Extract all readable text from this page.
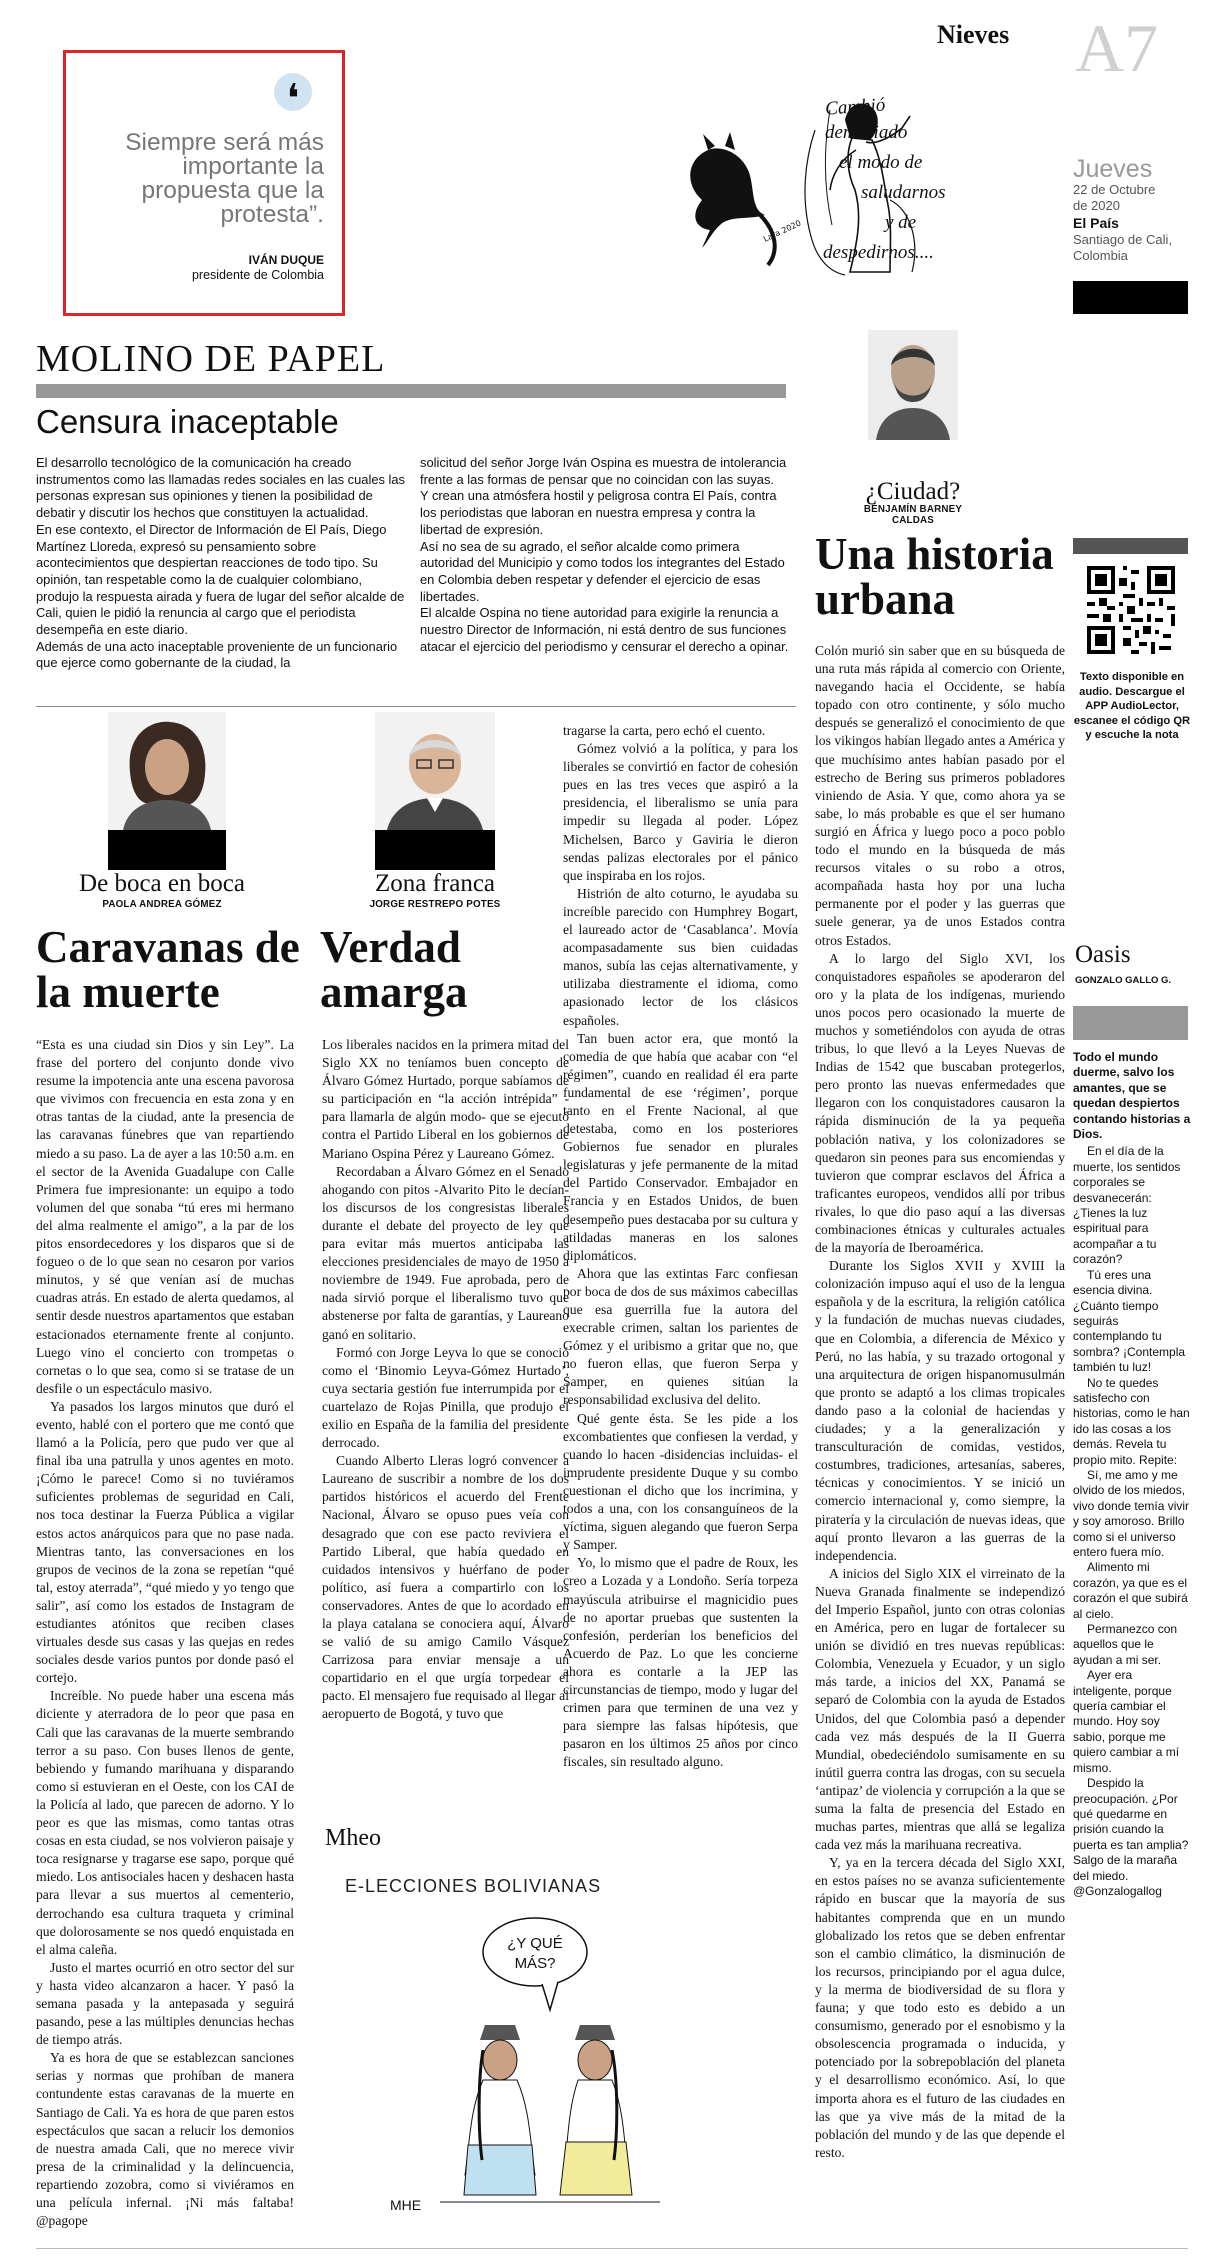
❛
Siempre será más importante la propuesta que la protesta”.
IVÁN DUQUE
presidente de Colombia
Lara 2020
Cambió
demasiado
el modo de
saludarnos
y de
despedirnos....
Nieves A7
Jueves
22 de Octubre
de 2020
El País
Santiago de Cali,
Colombia
MOLINO DE PAPEL
Censura inaceptable

El desarrollo tecnológico de la comunicación ha creado instrumentos como las llamadas redes sociales en las cuales las personas expresan sus opiniones y tienen la posibilidad de debatir y discutir los hechos que constituyen la actualidad.

En ese contexto, el Director de Información de El País, Diego Martínez Lloreda, expresó su pensamiento sobre acontecimientos que despiertan reacciones de todo tipo. Su opinión, tan respetable como la de cualquier colombiano, produjo la respuesta airada y fuera de lugar del señor alcalde de Cali, quien le pidió la renuncia al cargo que el periodista desempeña en este diario.

Además de una acto inaceptable proveniente de un funcionario que ejerce como gobernante de la ciudad, la

solicitud del señor Jorge Iván Ospina es muestra de intolerancia frente a las formas de pensar que no coincidan con las suyas.

Y crean una atmósfera hostil y peligrosa contra El País, contra los periodistas que laboran en nuestra empresa y contra la libertad de expresión.

Así no sea de su agrado, el señor alcalde como primera autoridad del Municipio y como todos los integrantes del Estado en Colombia deben respetar y defender el ejercicio de esas libertades.

El alcalde Ospina no tiene autoridad para exigirle la renuncia a nuestro Director de Información, ni está dentro de sus funciones atacar el ejercicio del periodismo y censurar el derecho a opinar.

¿Ciudad?
BENJAMÍN BARNEY CALDAS
Una historia
urbana

Colón murió sin saber que en su búsqueda de una ruta más rápida al comercio con Oriente, navegando hacia el Occidente, se había topado con otro continente, y sólo mucho después se generalizó el conocimiento de que los vikingos habían llegado antes a América y que muchísimo antes habían pasado por el estrecho de Bering sus primeros pobladores viniendo de Asia. Y que, como ahora ya se sabe, lo más probable es que el ser humano surgió en África y luego poco a poco poblo todo el mundo en la búsqueda de más recursos vitales o su robo a otros, acompañada hasta hoy por una lucha permanente por el poder y las guerras que suele generar, ya de unos Estados contra otros Estados.

A lo largo del Siglo XVI, los conquistadores españoles se apoderaron del oro y la plata de los indígenas, muriendo unos pocos pero ocasionado la muerte de muchos y sometiéndolos con ayuda de otras tribus, lo que llevó a la Leyes Nuevas de Indias de 1542 que buscaban protegerlos, pero pronto las nuevas enfermedades que llegaron con los conquistadores causaron la rápida disminución de la ya pequeña población nativa, y los colonizadores se quedaron sin peones para sus encomiendas y tuvieron que comprar esclavos del África a traficantes europeos, vendidos allí por tribus rivales, lo que dio paso aquí a las diversas combinaciones étnicas y culturales actuales de la mayoría de Iberoamérica.

Durante los Siglos XVII y XVIII la colonización impuso aquí el uso de la lengua española y de la escritura, la religión católica y la fundación de muchas nuevas ciudades, que en Colombia, a diferencia de México y Perú, no las había, y su trazado ortogonal y una arquitectura de origen hispanomusulmán que pronto se adaptó a los climas tropicales dando paso a la colonial de haciendas y ciudades; y a la generalización y transculturación de comidas, vestidos, costumbres, tradiciones, artesanías, saberes, técnicas y conocimientos. Y se inició un comercio internacional y, como siempre, la piratería y la circulación de nuevas ideas, que aquí pronto llevaron a las guerras de la independencia.

A inicios del Siglo XIX el virreinato de la Nueva Granada finalmente se independizó del Imperio Español, junto con otras colonias en América, pero en lugar de fortalecer su unión se dividió en tres nuevas repúblicas: Colombia, Venezuela y Ecuador, y un siglo más tarde, a inicios del XX, Panamá se separó de Colombia con la ayuda de Estados Unidos, del que Colombia pasó a depender cada vez más después de la II Guerra Mundial, obedeciéndolo sumisamente en su inútil guerra contra las drogas, con su secuela ‘antipaz’ de violencia y corrupción a la que se suma la falta de presencia del Estado en muchas partes, mientras que allá se legaliza cada vez más la marihuana recreativa.

Y, ya en la tercera década del Siglo XXI, en estos países no se avanza suficientemente rápido en buscar que la mayoría de sus habitantes comprenda que en un mundo globalizado los retos que se deben enfrentar son el cambio climático, la disminución de los recursos, principiando por el agua dulce, y la merma de biodiversidad de su flora y fauna; y que todo esto es debido a un consumismo, generado por el esnobismo y la obsolescencia programada o inducida, y potenciado por la sobrepoblación del planeta y el desarrollismo económico. Así, lo que importa ahora es el futuro de las ciudades en las que ya vive más de la mitad de la población del mundo y de las que depende el resto.

Texto disponible en audio. Descargue el APP AudioLector, escanee el código QR y escuche la nota
Oasis
GONZALO GALLO G.

Todo el mundo duerme, salvo los amantes, que se quedan despiertos contando historias a Dios.

En el día de la muerte, los sentidos corporales se desvanecerán: ¿Tienes la luz espiritual para acompañar a tu corazón?

Tú eres una esencia divina. ¿Cuánto tiempo seguirás contemplando tu sombra? ¡Contempla también tu luz!

No te quedes satisfecho con historias, como le han ido las cosas a los demás. Revela tu propio mito. Repite:

Sí, me amo y me olvido de los miedos, vivo donde temía vivir y soy amoroso. Brillo como si el universo entero fuera mío.

Alimento mi corazón, ya que es el corazón el que subirá al cielo.

Permanezco con aquellos que le ayudan a mi ser.

Ayer era inteligente, porque quería cambiar el mundo. Hoy soy sabio, porque me quiero cambiar a mí mismo.

Despido la preocupación. ¿Por qué quedarme en prisión cuando la puerta es tan amplia? Salgo de la maraña del miedo. @Gonzalogallog

De boca en boca
PAOLA ANDREA GÓMEZ
Caravanas de
la muerte

“Esta es una ciudad sin Dios y sin Ley”. La frase del portero del conjunto donde vivo resume la impotencia ante una escena pavorosa que vivimos con frecuencia en esta zona y en otras tantas de la ciudad, ante la presencia de las caravanas fúnebres que van repartiendo miedo a su paso. La de ayer a las 10:50 a.m. en el sector de la Avenida Guadalupe con Calle Primera fue impresionante: un equipo a todo volumen del que sonaba “tú eres mi hermano del alma realmente el amigo”, a la par de los pitos ensordecedores y los disparos que si de fogueo o de lo que sean no cesaron por varios minutos, y sé que venían así de muchas cuadras atrás. En estado de alerta quedamos, al sentir desde nuestros apartamentos que estaban estacionados eternamente frente al conjunto. Luego vino el concierto con trompetas o cornetas o lo que sea, como si se tratase de un desfile o un espectáculo masivo.

Ya pasados los largos minutos que duró el evento, hablé con el portero que me contó que llamó a la Policía, pero que pudo ver que al final iba una patrulla y unos agentes en moto. ¡Cómo le parece! Como si no tuviéramos suficientes problemas de seguridad en Cali, nos toca destinar la Fuerza Pública a vigilar estos actos anárquicos para que no pase nada. Mientras tanto, las conversaciones en los grupos de vecinos de la zona se repetían “qué tal, estoy aterrada”, “qué miedo y yo tengo que salir”, así como los estados de Instagram de estudiantes atónitos que reciben clases virtuales desde sus casas y las quejas en redes sociales desde varios puntos por donde pasó el cortejo.

Increíble. No puede haber una escena más diciente y aterradora de lo peor que pasa en Cali que las caravanas de la muerte sembrando terror a su paso. Con buses llenos de gente, bebiendo y fumando marihuana y disparando como si estuvieran en el Oeste, con los CAI de la Policía al lado, que parecen de adorno. Y lo peor es que las mismas, como tantas otras cosas en esta ciudad, se nos volvieron paisaje y toca resignarse y tragarse ese sapo, porque qué miedo. Los antisociales hacen y deshacen hasta para llevar a sus muertos al cementerio, derrochando esa cultura traqueta y criminal que dolorosamente se nos quedó enquistada en el alma caleña.

Justo el martes ocurrió en otro sector del sur y hasta video alcanzaron a hacer. Y pasó la semana pasada y la antepasada y seguirá pasando, pese a las múltiples denuncias hechas de tiempo atrás.

Ya es hora de que se establezcan sanciones serias y normas que prohíban de manera contundente estas caravanas de la muerte en Santiago de Cali. Ya es hora de que paren estos espectáculos que sacan a relucir los demonios de nuestra amada Cali, que no merece vivir presa de la criminalidad y la delincuencia, repartiendo zozobra, como si viviéramos en una película infernal. ¡Ni más faltaba! @pagope

Zona franca
JORGE RESTREPO POTES
Verdad
amarga

Los liberales nacidos en la primera mitad del Siglo XX no teníamos buen concepto de Álvaro Gómez Hurtado, porque sabíamos de su participación en “la acción intrépida” -para llamarla de algún modo- que se ejecutó contra el Partido Liberal en los gobiernos de Mariano Ospina Pérez y Laureano Gómez.

Recordaban a Álvaro Gómez en el Senado ahogando con pitos -Alvarito Pito le decían- los discursos de los congresistas liberales durante el debate del proyecto de ley que para evitar más muertos anticipaba las elecciones presidenciales de mayo de 1950 a noviembre de 1949. Fue aprobada, pero de nada sirvió porque el liberalismo tuvo que abstenerse por falta de garantías, y Laureano ganó en solitario.

Formó con Jorge Leyva lo que se conoció como el ‘Binomio Leyva-Gómez Hurtado’, cuya sectaria gestión fue interrumpida por el cuartelazo de Rojas Pinilla, que produjo el exilio en España de la familia del presidente derrocado.

Cuando Alberto Lleras logró convencer a Laureano de suscribir a nombre de los dos partidos históricos el acuerdo del Frente Nacional, Álvaro se opuso pues veía con desagrado que con ese pacto reviviera el Partido Liberal, que había quedado en cuidados intensivos y huérfano de poder político, así fuera a compartirlo con los conservadores. Antes de que lo acordado en la playa catalana se conociera aquí, Álvaro se valió de su amigo Camilo Vásquez Carrizosa para enviar mensaje a un copartidario en el que urgía torpedear el pacto. El mensajero fue requisado al llegar al aeropuerto de Bogotá, y tuvo que

tragarse la carta, pero echó el cuento.

Gómez volvió a la política, y para los liberales se convirtió en factor de cohesión pues en las tres veces que aspiró a la presidencia, el liberalismo se unía para impedir su llegada al poder. López Michelsen, Barco y Gaviria le dieron sendas palizas electorales por el pánico que inspiraba en los rojos.

Histrión de alto coturno, le ayudaba su increíble parecido con Humphrey Bogart, el laureado actor de ‘Casablanca’. Movía acompasadamente sus bien cuidadas manos, subía las cejas alternativamente, y utilizaba diestramente el idioma, como apasionado lector de los clásicos españoles.

Tan buen actor era, que montó la comedia de que había que acabar con “el régimen”, cuando en realidad él era parte fundamental de ese ‘régimen’, porque tanto en el Frente Nacional, al que detestaba, como en los posteriores Gobiernos fue senador en plurales legislaturas y jefe permanente de la mitad del Partido Conservador. Embajador en Francia y en Estados Unidos, de buen desempeño pues destacaba por su cultura y atildadas maneras en los salones diplomáticos.

Ahora que las extintas Farc confiesan por boca de dos de sus máximos cabecillas que esa guerrilla fue la autora del execrable crimen, saltan los parientes de Gómez y el uribismo a gritar que no, que no fueron ellas, que fueron Serpa y Samper, en quienes sitúan la responsabilidad exclusiva del delito.

Qué gente ésta. Se les pide a los excombatientes que confiesen la verdad, y cuando lo hacen -disidencias incluidas- el imprudente presidente Duque y su combo cuestionan el dicho que los incrimina, y todos a una, con los consanguíneos de la víctima, siguen alegando que fueron Serpa y Samper.

Yo, lo mismo que el padre de Roux, les creo a Lozada y a Londoño. Sería torpeza mayúscula atribuirse el magnicidio pues de no aportar pruebas que sustenten la confesión, perderían los beneficios del Acuerdo de Paz. Lo que les concierne ahora es contarle a la JEP las circunstancias de tiempo, modo y lugar del crimen para que terminen de una vez y para siempre las falsas hipótesis, que pasaron en los últimos 25 años por cinco fiscales, sin resultado alguno.

Mheo
E-LECCIONES BOLIVIANAS
¿Y QUÉ
MÁS?
MHE
